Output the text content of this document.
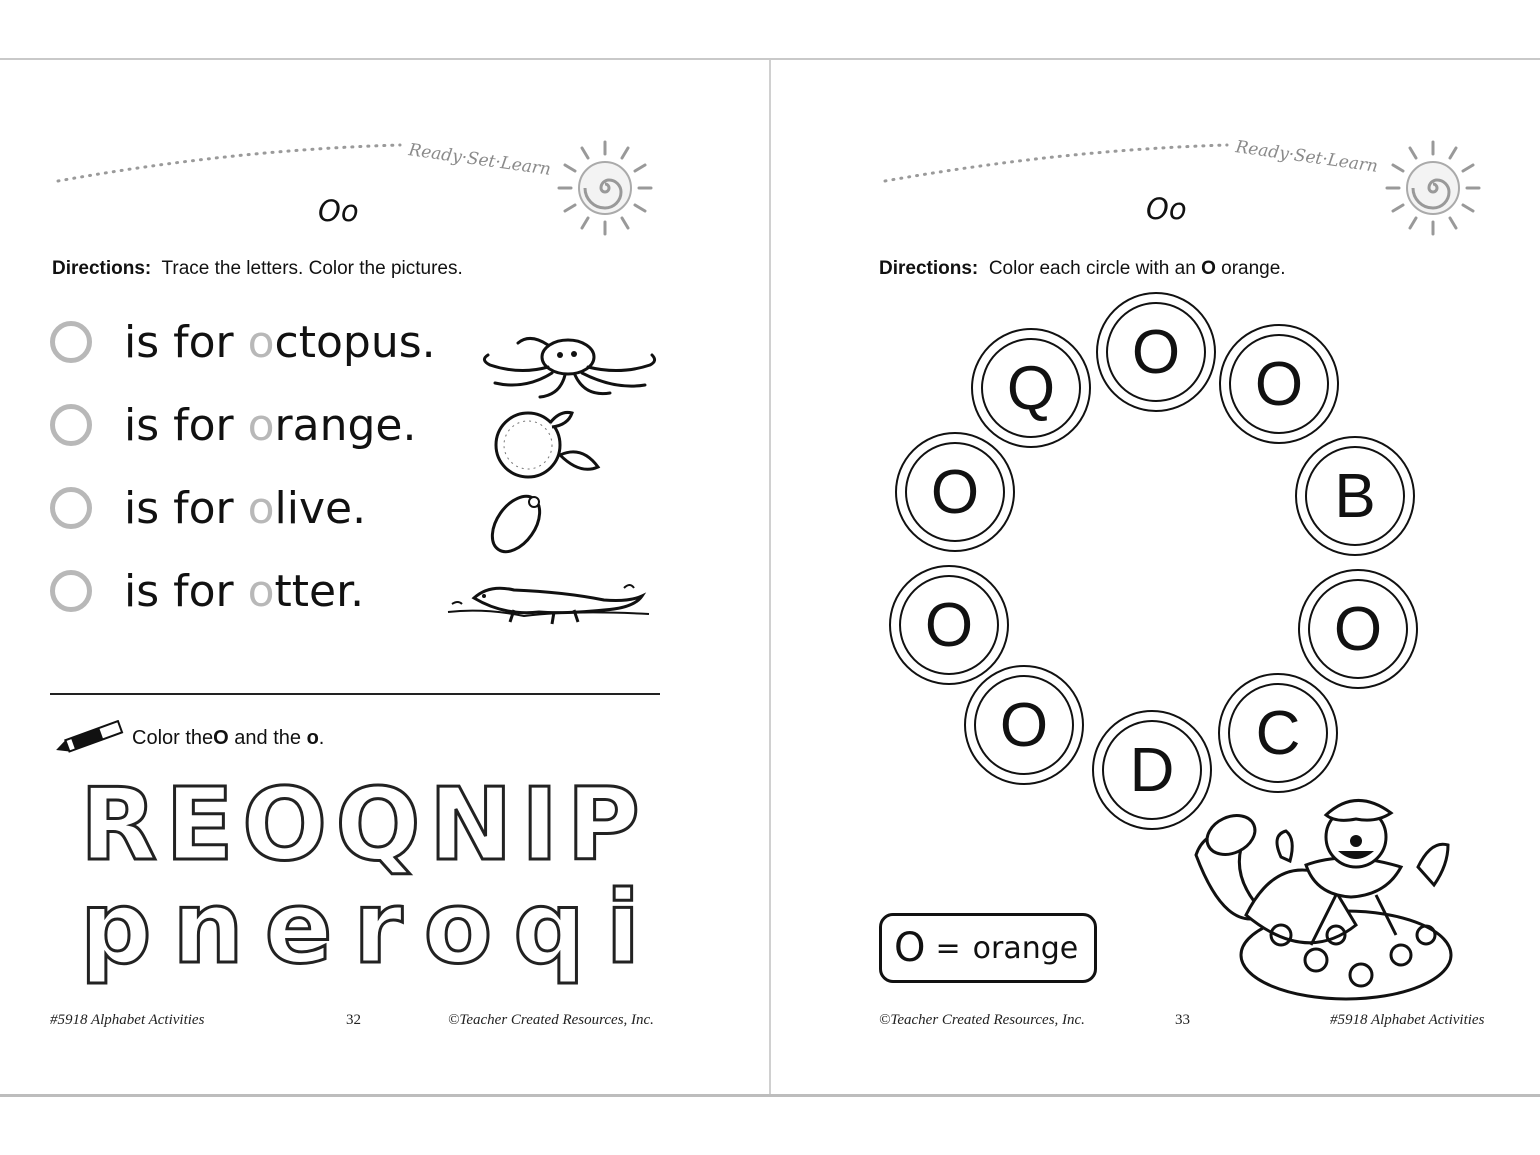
Ready·Set·Learn
Oo
Directions: Trace the letters. Color the pictures.
is for octopus.
is for orange.
is for olive.
is for otter.
Color the O and the o .
R E O Q N I P
p n e r o q i
#5918 Alphabet Activities	32	©Teacher Created Resources, Inc.
Ready·Set·Learn
Oo
Directions: Color each circle with an O orange.
O	O
B
O
C
D
O
O
O
Q
O = orange
©Teacher Created Resources, Inc.	33	#5918 Alphabet Activities
